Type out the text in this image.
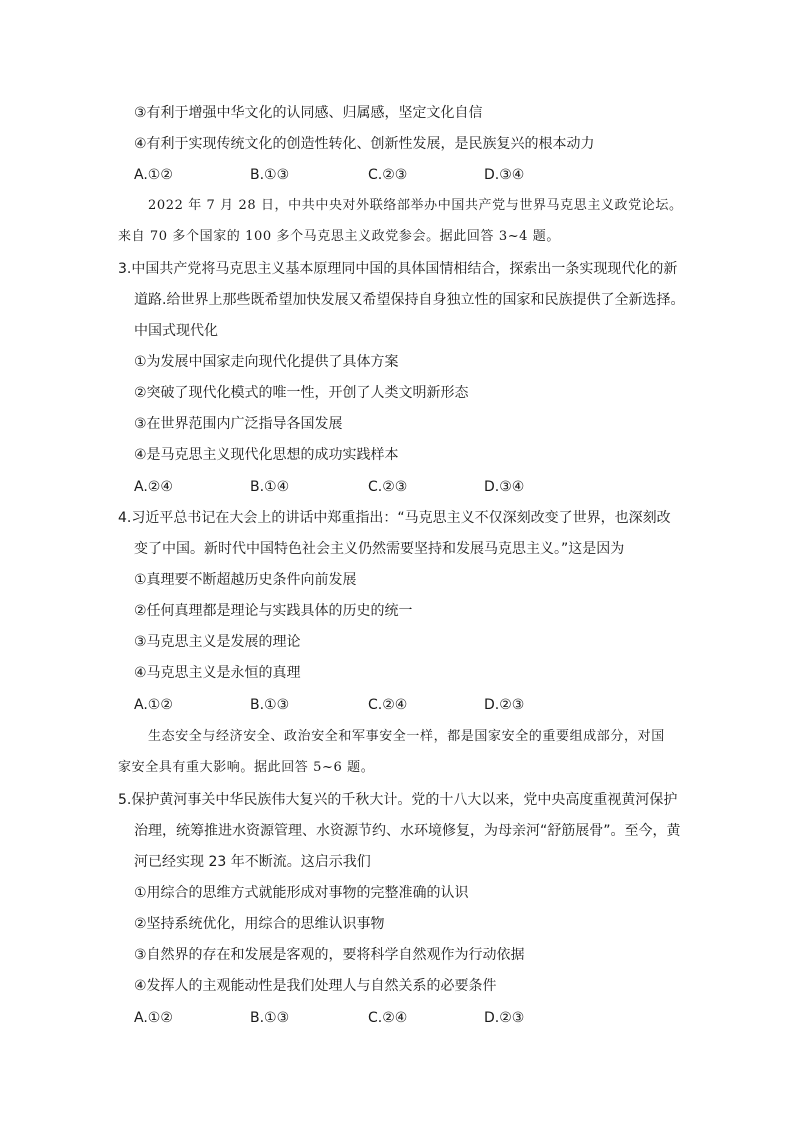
③有利于增强中华文化的认同感、归属感，坚定文化自信
④有利于实现传统文化的创造性转化、创新性发展，是民族复兴的根本动力
A.①②	B.①③	C.②③	D.③④
2022 年 7 月 28 日，中共中央对外联络部举办中国共产党与世界马克思主义政党论坛。
来自 70 多个国家的 100 多个马克思主义政党参会。据此回答 3~4 题。
3.中国共产党将马克思主义基本原理同中国的具体国情相结合，探索出一条实现现代化的新
道路.给世界上那些既希望加快发展又希望保持自身独立性的国家和民族提供了全新选择。
中国式现代化
①为发展中国家走向现代化提供了具体方案
②突破了现代化模式的唯一性，开创了人类文明新形态
③在世界范围内广泛指导各国发展
④是马克思主义现代化思想的成功实践样本
A.②④	B.①④	C.②③	D.③④
4.习近平总书记在大会上的讲话中郑重指出：“马克思主义不仅深刻改变了世界，也深刻改
变了中国。新时代中国特色社会主义仍然需要坚持和发展马克思主义。”这是因为
①真理要不断超越历史条件向前发展
②任何真理都是理论与实践具体的历史的统一
③马克思主义是发展的理论
④马克思主义是永恒的真理
A.①②	B.①③	C.②④	D.②③
生态安全与经济安全、政治安全和军事安全一样，都是国家安全的重要组成部分，对国
家安全具有重大影响。据此回答 5~6 题。
5.保护黄河事关中华民族伟大复兴的千秋大计。党的十八大以来，党中央高度重视黄河保护
治理，统筹推进水资源管理、水资源节约、水环境修复，为母亲河“舒筋展骨”。至今，黄
河已经实现 23 年不断流。这启示我们
①用综合的思维方式就能形成对事物的完整准确的认识
②坚持系统优化，用综合的思维认识事物
③自然界的存在和发展是客观的，要将科学自然观作为行动依据
④发挥人的主观能动性是我们处理人与自然关系的必要条件
A.①②	B.①③	C.②④	D.②③
